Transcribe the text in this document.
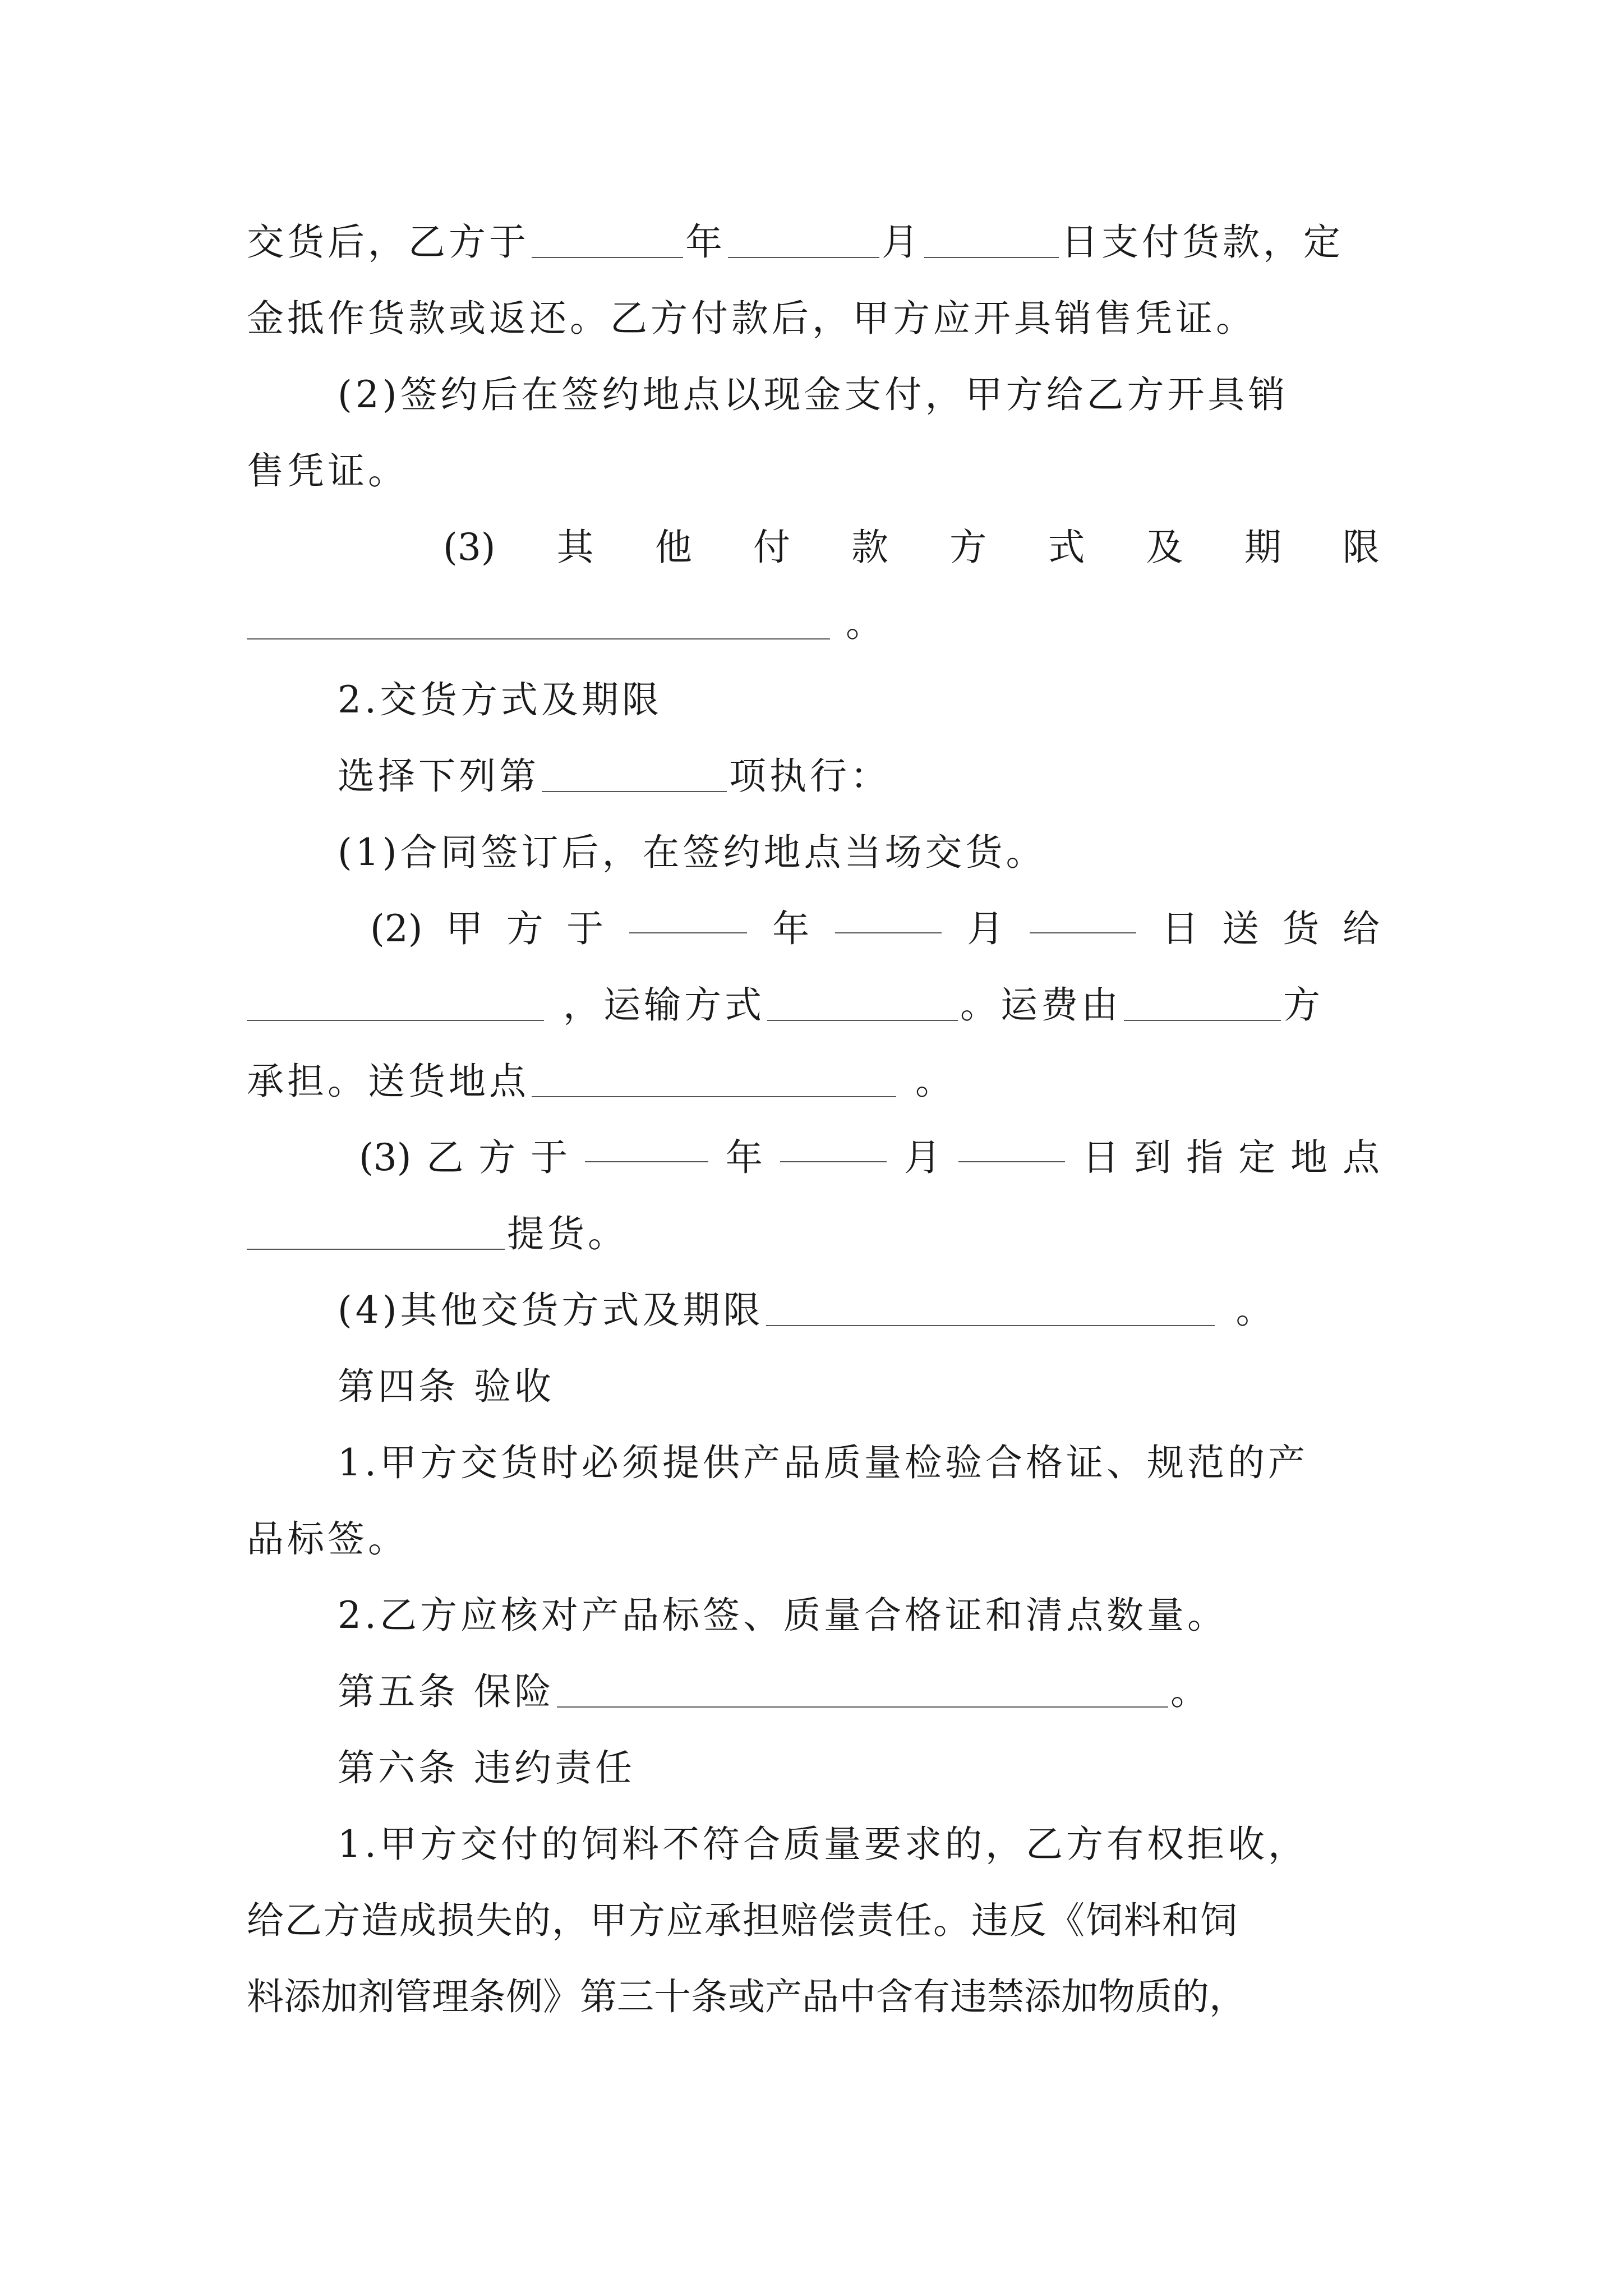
交货后，乙方于	年	月	日支付货款，定
金抵作货款或返还。乙方付款后，甲方应开具销售凭证。
(2)签约后在签约地点以现金支付，甲方给乙方开具销
售凭证。
(3) 其 他 付 款 方 式 及 期 限
。
2.交货方式及期限
选择下列第	项执行：
(1)合同签订后，在签约地点当场交货。
(2) 甲 方 于	年	月	日 送 货 给
，运输方式	。运费由	方
承担。送货地点	。
(3) 乙 方 于	年	月	日 到 指 定 地 点
提货。
(4)其他交货方式及期限	。
第四条 验收
1.甲方交货时必须提供产品质量检验合格证、规范的产
品标签。
2.乙方应核对产品标签、质量合格证和清点数量。
第五条 保险	。
第六条 违约责任
1.甲方交付的饲料不符合质量要求的，乙方有权拒收，
给乙方造成损失的，甲方应承担赔偿责任。违反《饲料和饲
料添加剂管理条例》第三十条或产品中含有违禁添加物质的，
